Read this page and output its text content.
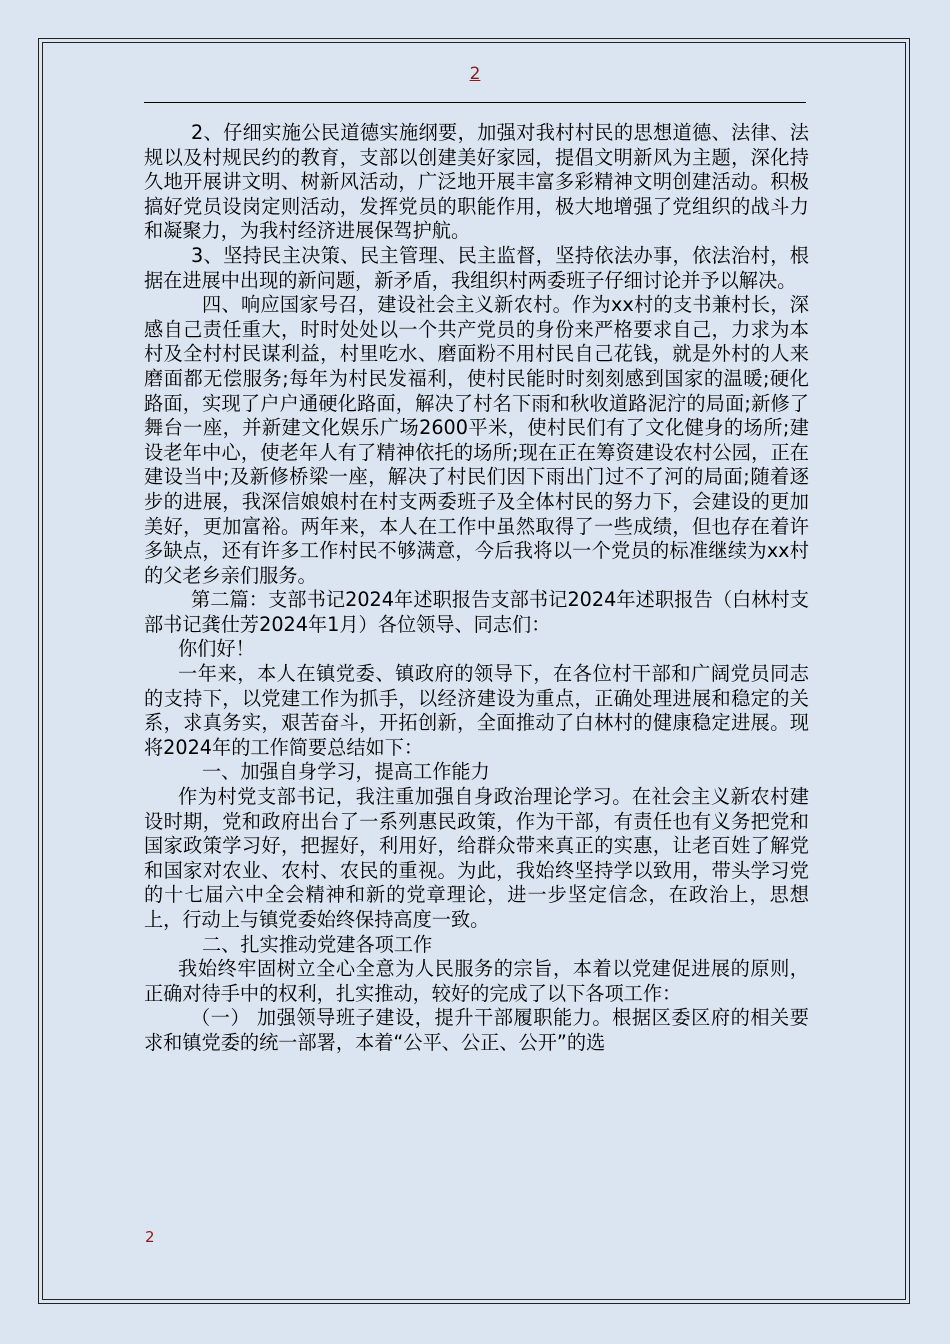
2

2、仔细实施公民道德实施纲要，加强对我村村民的思想道德、法律、法规以及村规民约的教育，支部以创建美好家园，提倡文明新风为主题，深化持久地开展讲文明、树新风活动，广泛地开展丰富多彩精神文明创建活动。积极搞好党员设岗定则活动，发挥党员的职能作用，极大地增强了党组织的战斗力和凝聚力，为我村经济进展保驾护航。

3、坚持民主决策、民主管理、民主监督，坚持依法办事，依法治村，根据在进展中出现的新问题，新矛盾，我组织村两委班子仔细讨论并予以解决。

四、响应国家号召，建设社会主义新农村。作为xx村的支书兼村长，深感自己责任重大，时时处处以一个共产党员的身份来严格要求自己，力求为本村及全村村民谋利益，村里吃水、磨面粉不用村民自己花钱，就是外村的人来磨面都无偿服务;每年为村民发福利，使村民能时时刻刻感到国家的温暖;硬化路面，实现了户户通硬化路面，解决了村名下雨和秋收道路泥泞的局面;新修了舞台一座，并新建文化娱乐广场2600平米，使村民们有了文化健身的场所;建设老年中心，使老年人有了精神依托的场所;现在正在筹资建设农村公园，正在建设当中;及新修桥梁一座，解决了村民们因下雨出门过不了河的局面;随着逐步的进展，我深信娘娘村在村支两委班子及全体村民的努力下，会建设的更加美好，更加富裕。两年来，本人在工作中虽然取得了一些成绩，但也存在着许多缺点，还有许多工作村民不够满意，今后我将以一个党员的标准继续为xx村的父老乡亲们服务。

第二篇：支部书记2024年述职报告支部书记2024年述职报告（白林村支部书记龚仕芳2024年1月）各位领导、同志们：

你们好！

一年来，本人在镇党委、镇政府的领导下，在各位村干部和广阔党员同志的支持下，以党建工作为抓手，以经济建设为重点，正确处理进展和稳定的关系，求真务实，艰苦奋斗，开拓创新，全面推动了白林村的健康稳定进展。现将2024年的工作简要总结如下：

一、加强自身学习，提高工作能力

作为村党支部书记，我注重加强自身政治理论学习。在社会主义新农村建设时期，党和政府出台了一系列惠民政策，作为干部，有责任也有义务把党和国家政策学习好，把握好，利用好，给群众带来真正的实惠，让老百姓了解党和国家对农业、农村、农民的重视。为此，我始终坚持学以致用，带头学习党的十七届六中全会精神和新的党章理论，进一步坚定信念，在政治上，思想上，行动上与镇党委始终保持高度一致。

二、扎实推动党建各项工作

我始终牢固树立全心全意为人民服务的宗旨，本着以党建促进展的原则，正确对待手中的权利，扎实推动，较好的完成了以下各项工作：

（一） 加强领导班子建设，提升干部履职能力。根据区委区府的相关要求和镇党委的统一部署，本着“公平、公正、公开”的选

2
